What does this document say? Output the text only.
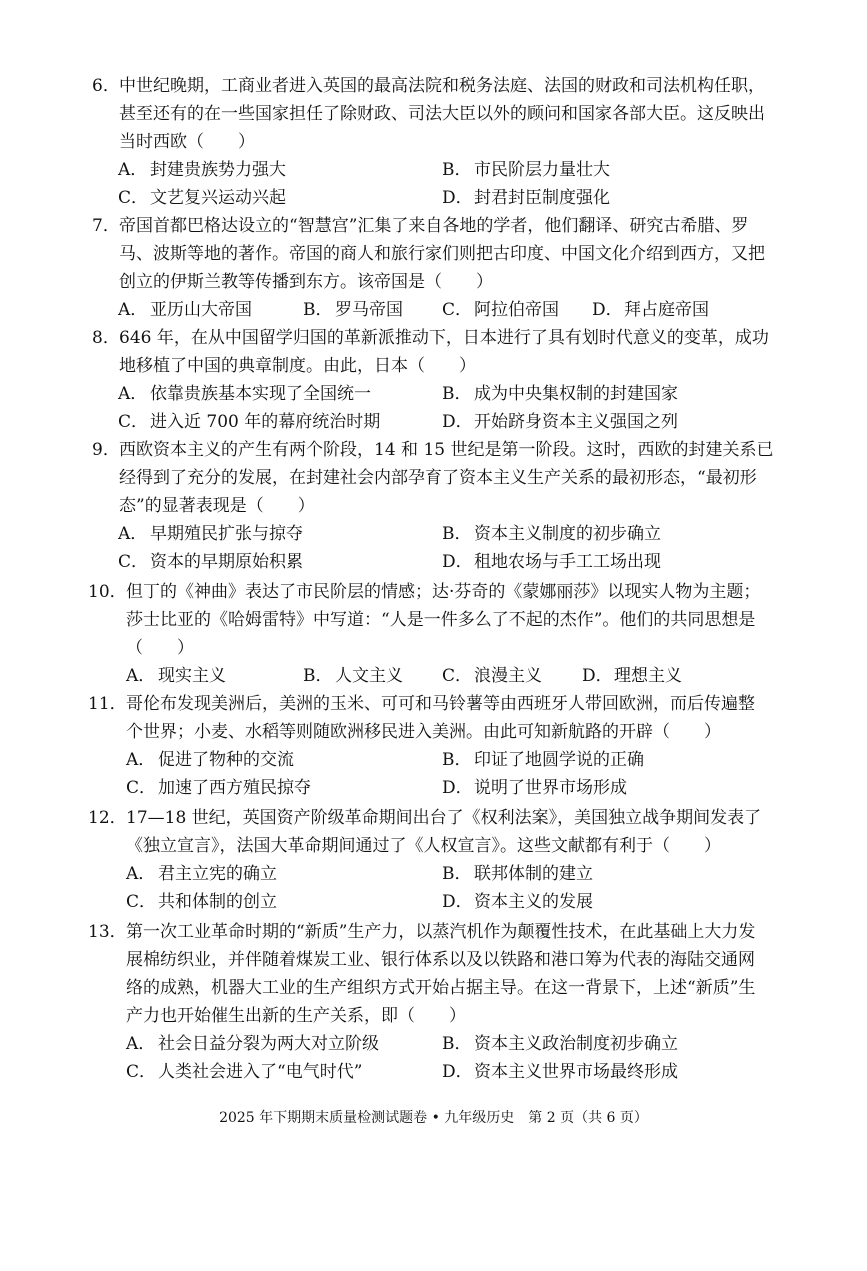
6． 中世纪晚期，工商业者进入英国的最高法院和税务法庭、法国的财政和司法机构任职，
甚至还有的在一些国家担任了除财政、司法大臣以外的顾问和国家各部大臣。这反映出
当时西欧（　　）
A． 封建贵族势力强大	B． 市民阶层力量壮大
C． 文艺复兴运动兴起	D．封君封臣制度强化
7． 帝国首都巴格达设立的“智慧宫”汇集了来自各地的学者，他们翻译、研究古希腊、罗
马、波斯等地的著作。帝国的商人和旅行家们则把古印度、中国文化介绍到西方，又把
创立的伊斯兰教等传播到东方。该帝国是（　　）
A． 亚历山大帝国	B． 罗马帝国 C． 阿拉伯帝国 D．拜占庭帝国
8． 646 年，在从中国留学归国的革新派推动下，日本进行了具有划时代意义的变革，成功
地移植了中国的典章制度。由此，日本（　　）
A． 依靠贵族基本实现了全国统一	B． 成为中央集权制的封建国家
C． 进入近 700 年的幕府统治时期	D．开始跻身资本主义强国之列
9． 西欧资本主义的产生有两个阶段，14 和 15 世纪是第一阶段。这时，西欧的封建关系已
经得到了充分的发展，在封建社会内部孕育了资本主义生产关系的最初形态，“最初形
态”的显著表现是（　　）
A． 早期殖民扩张与掠夺	B． 资本主义制度的初步确立
C． 资本的早期原始积累	D．租地农场与手工工场出现
10． 但丁的《神曲》表达了市民阶层的情感；达·芬奇的《蒙娜丽莎》以现实人物为主题；
莎士比亚的《哈姆雷特》中写道：“人是一件多么了不起的杰作”。他们的共同思想是
（　　）
A． 现实主义	B． 人文主义 C． 浪漫主义 D．理想主义
11． 哥伦布发现美洲后，美洲的玉米、可可和马铃薯等由西班牙人带回欧洲，而后传遍整
个世界；小麦、水稻等则随欧洲移民进入美洲。由此可知新航路的开辟（　　）
A． 促进了物种的交流	B． 印证了地圆学说的正确
C． 加速了西方殖民掠夺	D．说明了世界市场形成
12． 17—18 世纪，英国资产阶级革命期间出台了《权利法案》，美国独立战争期间发表了
《独立宣言》，法国大革命期间通过了《人权宣言》。这些文献都有利于（　　）
A． 君主立宪的确立	B． 联邦体制的建立
C． 共和体制的创立	D．资本主义的发展
13． 第一次工业革命时期的“新质”生产力，以蒸汽机作为颠覆性技术，在此基础上大力发
展棉纺织业，并伴随着煤炭工业、银行体系以及以铁路和港口筹为代表的海陆交通网
络的成熟，机器大工业的生产组织方式开始占据主导。在这一背景下，上述“新质”生
产力也开始催生出新的生产关系，即（　　）
A． 社会日益分裂为两大对立阶级	B． 资本主义政治制度初步确立
C． 人类社会进入了“电气时代”	D．资本主义世界市场最终形成
2025 年下期期末质量检测试题卷 • 九年级历史　第 2 页（共 6 页）
